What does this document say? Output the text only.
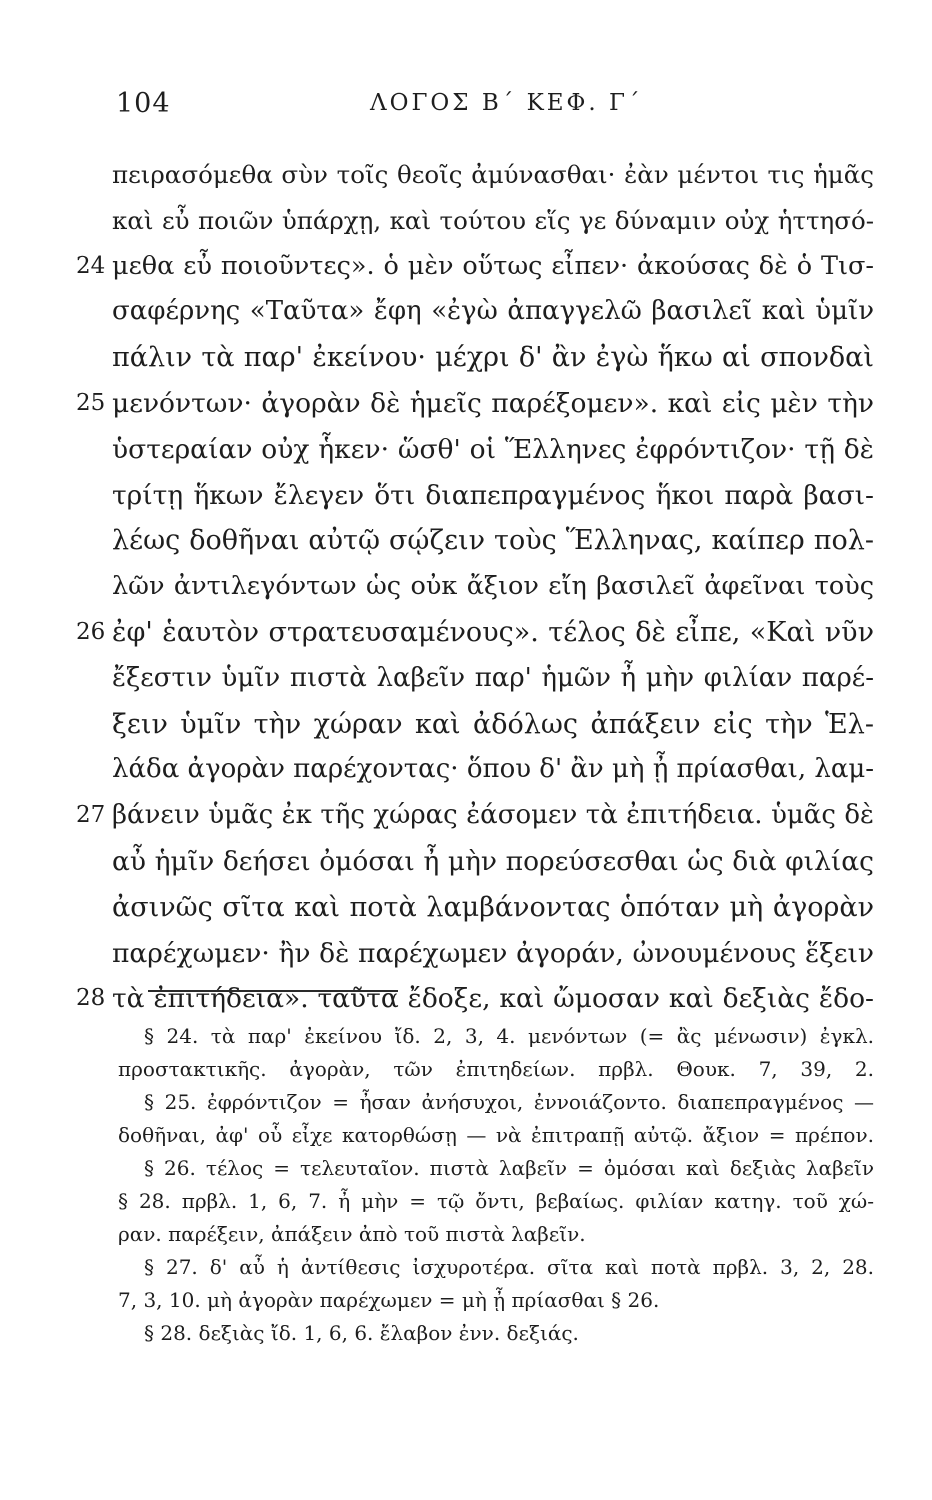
104	ΛΟΓΟΣ Β΄ ΚΕΦ. Γ΄
πειρασόμεθα σὺν τοῖς θεοῖς ἀμύνασθαι· ἐὰν μέντοι τις ἡμᾶς
καὶ εὖ ποιῶν ὑπάρχῃ, καὶ τούτου εἵς γε δύναμιν οὐχ ἡττησό-
24 μεθα εὖ ποιοῦντες». ὁ μὲν οὕτως εἶπεν· ἀκούσας δὲ ὁ Τισ-
σαφέρνης «Ταῦτα» ἔφη «ἐγὼ ἀπαγγελῶ βασιλεῖ καὶ ὑμῖν
πάλιν τὰ παρ' ἐκείνου· μέχρι δ' ἂν ἐγὼ ἥκω αἱ σπονδαὶ
25 μενόντων· ἀγορὰν δὲ ἡμεῖς παρέξομεν». καὶ εἰς μὲν τὴν
ὑστεραίαν οὐχ ἧκεν· ὥσθ' οἱ Ἕλληνες ἐφρόντιζον· τῇ δὲ
τρίτῃ ἥκων ἔλεγεν ὅτι διαπεπραγμένος ἥκοι παρὰ βασι-
λέως δοθῆναι αὐτῷ σῴζειν τοὺς Ἕλληνας, καίπερ πολ-
λῶν ἀντιλεγόντων ὡς οὐκ ἄξιον εἴη βασιλεῖ ἀφεῖναι τοὺς
26 ἐφ' ἑαυτὸν στρατευσαμένους». τέλος δὲ εἶπε, «Καὶ νῦν
ἔξεστιν ὑμῖν πιστὰ λαβεῖν παρ' ἡμῶν ἦ μὴν φιλίαν παρέ-
ξειν ὑμῖν τὴν χώραν καὶ ἀδόλως ἀπάξειν εἰς τὴν Ἑλ-
λάδα ἀγορὰν παρέχοντας· ὅπου δ' ἂν μὴ ᾖ πρίασθαι, λαμ-
27 βάνειν ὑμᾶς ἐκ τῆς χώρας ἐάσομεν τὰ ἐπιτήδεια. ὑμᾶς δὲ
αὖ ἡμῖν δεήσει ὀμόσαι ἦ μὴν πορεύσεσθαι ὡς διὰ φιλίας
ἀσινῶς σῖτα καὶ ποτὰ λαμβάνοντας ὁπόταν μὴ ἀγορὰν
παρέχωμεν· ἢν δὲ παρέχωμεν ἀγοράν, ὠνουμένους ἕξειν
28 τὰ ἐπιτήδεια». ταῦτα ἔδοξε, καὶ ὤμοσαν καὶ δεξιὰς ἔδο-
§ 24. τὰ παρ' ἐκείνου ἴδ. 2, 3, 4. μενόντων (= ἂς μένωσιν) ἐγκλ.
προστακτικῆς. ἀγορὰν, τῶν ἐπιτηδείων. πρβλ. Θουκ. 7, 39, 2.
§ 25. ἐφρόντιζον = ἦσαν ἀνήσυχοι, ἐννοιάζοντο. διαπεπραγμένος —
δοθῆναι, ἀφ' οὗ εἶχε κατορθώσῃ — νὰ ἐπιτραπῇ αὐτῷ. ἄξιον = πρέπον.
§ 26. τέλος = τελευταῖον. πιστὰ λαβεῖν = ὀμόσαι καὶ δεξιὰς λαβεῖν
§ 28. πρβλ. 1, 6, 7. ἦ μὴν = τῷ ὄντι, βεβαίως. φιλίαν κατηγ. τοῦ χώ-
ραν. παρέξειν, ἀπάξειν ἀπὸ τοῦ πιστὰ λαβεῖν.
§ 27. δ' αὖ ἡ ἀντίθεσις ἰσχυροτέρα. σῖτα καὶ ποτὰ πρβλ. 3, 2, 28.
7, 3, 10. μὴ ἀγορὰν παρέχωμεν = μὴ ᾖ πρίασθαι § 26.
§ 28. δεξιὰς ἴδ. 1, 6, 6. ἔλαβον ἐνν. δεξιάς.
